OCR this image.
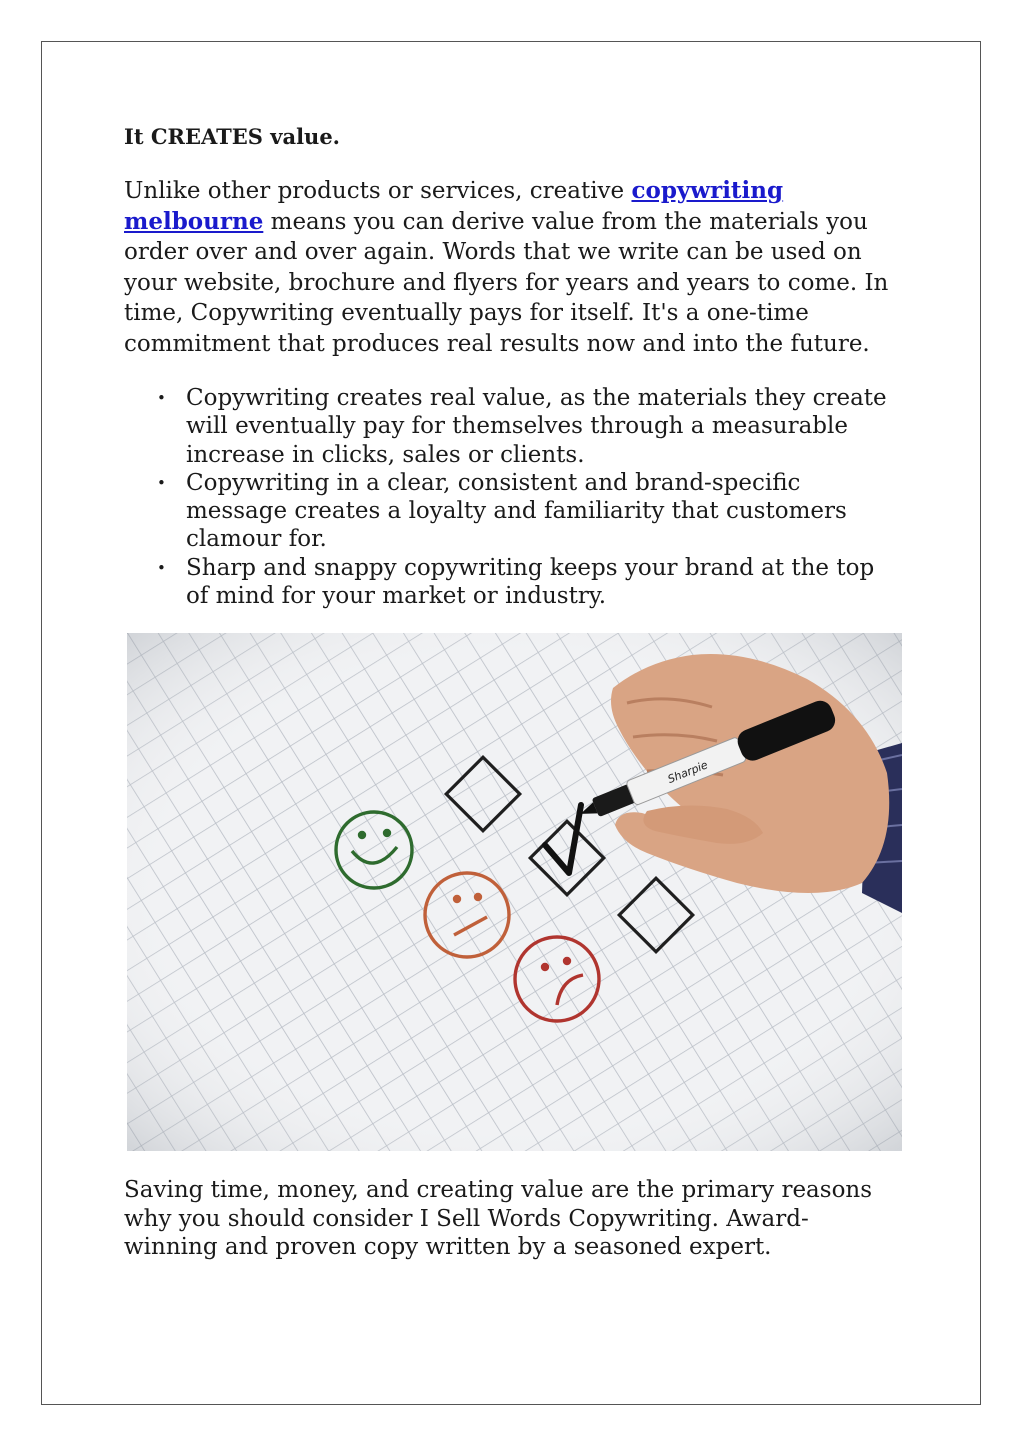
It CREATES value.

Unlike other products or services, creative copywriting melbourne means you can derive value from the materials you order over and over again. Words that we write can be used on your website, brochure and flyers for years and years to come. In time, Copywriting eventually pays for itself. It's a one-time commitment that produces real results now and into the future.

• Copywriting creates real value, as the materials they create will eventually pay for themselves through a measurable increase in clicks, sales or clients.
• Copywriting in a clear, consistent and brand-specific message creates a loyalty and familiarity that customers clamour for.
• Sharp and snappy copywriting keeps your brand at the top of mind for your market or industry.

Saving time, money, and creating value are the primary reasons why you should consider I Sell Words Copywriting. Award-winning and proven copy written by a seasoned expert.

Sharpie
